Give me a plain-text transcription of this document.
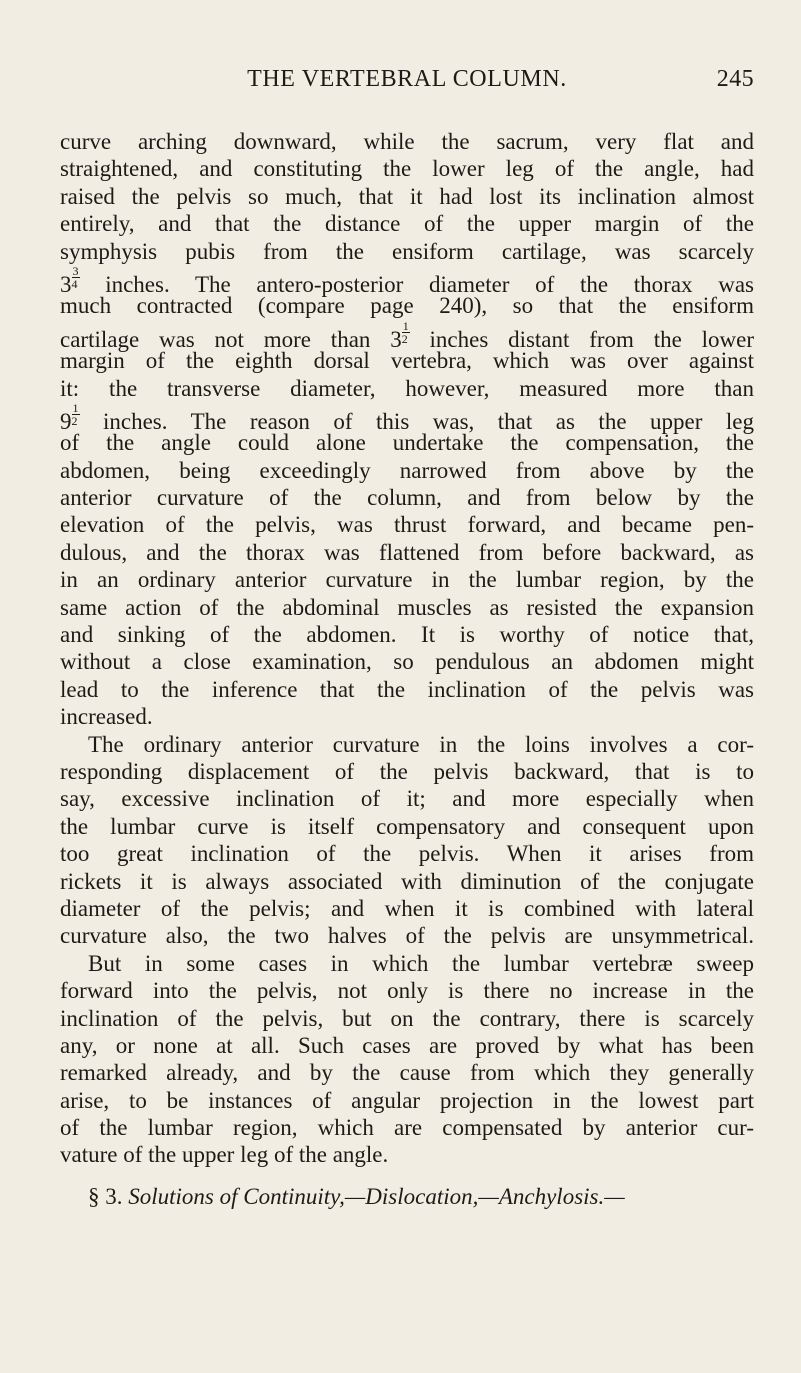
THE VERTEBRAL COLUMN.	245
curve arching downward, while the sacrum, very flat and
straightened, and constituting the lower leg of the angle, had
raised the pelvis so much, that it had lost its inclination almost
entirely, and that the distance of the upper margin of the
symphysis pubis from the ensiform cartilage, was scarcely
$3 \frac{3}{4}$ inches. The antero-posterior diameter of the thorax was
much contracted (compare page 240), so that the ensiform
cartilage was not more than $3 \frac{1}{2}$ inches distant from the lower
margin of the eighth dorsal vertebra, which was over against
it: the transverse diameter, however, measured more than
$9 \frac{1}{2}$ inches. The reason of this was, that as the upper leg
of the angle could alone undertake the compensation, the
abdomen, being exceedingly narrowed from above by the
anterior curvature of the column, and from below by the
elevation of the pelvis, was thrust forward, and became pen-
dulous, and the thorax was flattened from before backward, as
in an ordinary anterior curvature in the lumbar region, by the
same action of the abdominal muscles as resisted the expansion
and sinking of the abdomen. It is worthy of notice that,
without a close examination, so pendulous an abdomen might
lead to the inference that the inclination of the pelvis was
increased.
The ordinary anterior curvature in the loins involves a cor-
responding displacement of the pelvis backward, that is to
say, excessive inclination of it; and more especially when
the lumbar curve is itself compensatory and consequent upon
too great inclination of the pelvis. When it arises from
rickets it is always associated with diminution of the conjugate
diameter of the pelvis; and when it is combined with lateral
curvature also, the two halves of the pelvis are unsymmetrical.
But in some cases in which the lumbar vertebræ sweep
forward into the pelvis, not only is there no increase in the
inclination of the pelvis, but on the contrary, there is scarcely
any, or none at all. Such cases are proved by what has been
remarked already, and by the cause from which they generally
arise, to be instances of angular projection in the lowest part
of the lumbar region, which are compensated by anterior cur-
vature of the upper leg of the angle.
§ 3. Solutions of Continuity,—Dislocation,—Anchylosis.—
